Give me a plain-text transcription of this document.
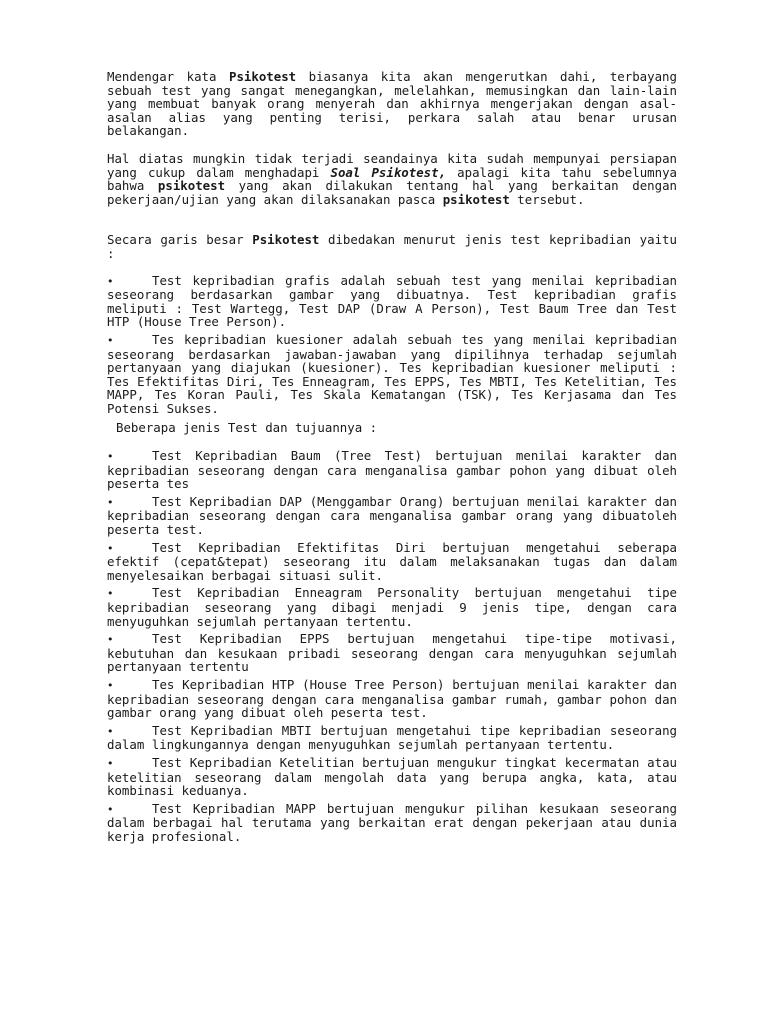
Mendengar kata Psikotest biasanya kita akan mengerutkan dahi, terbayang sebuah test yang sangat menegangkan, melelahkan, memusingkan dan lain-lain yang membuat banyak orang menyerah dan akhirnya mengerjakan dengan asal-asalan alias yang penting terisi, perkara salah atau benar urusan belakangan.

Hal diatas mungkin tidak terjadi seandainya kita sudah mempunyai persiapan yang cukup dalam menghadapi Soal Psikotest, apalagi kita tahu sebelumnya bahwa psikotest yang akan dilakukan tentang hal yang berkaitan dengan pekerjaan/ujian yang akan dilaksanakan pasca psikotest tersebut.

Secara garis besar Psikotest dibedakan menurut jenis test kepribadian yaitu :

•	Test kepribadian grafis adalah sebuah test yang menilai kepribadian seseorang berdasarkan gambar yang dibuatnya. Test kepribadian grafis meliputi : Test Wartegg, Test DAP (Draw A Person), Test Baum Tree dan Test HTP (House Tree Person).
•	Tes kepribadian kuesioner adalah sebuah tes yang menilai kepribadian seseorang berdasarkan jawaban-jawaban yang dipilihnya terhadap sejumlah pertanyaan yang diajukan (kuesioner). Tes kepribadian kuesioner meliputi : Tes Efektifitas Diri, Tes Enneagram, Tes EPPS, Tes MBTI, Tes Ketelitian, Tes MAPP, Tes Koran Pauli, Tes Skala Kematangan (TSK), Tes Kerjasama dan Tes Potensi Sukses.

Beberapa jenis Test dan tujuannya :

•	Test Kepribadian Baum (Tree Test) bertujuan menilai karakter dan kepribadian seseorang dengan cara menganalisa gambar pohon yang dibuat oleh peserta tes
•	Test Kepribadian DAP (Menggambar Orang) bertujuan menilai karakter dan kepribadian seseorang dengan cara menganalisa gambar orang yang dibuatoleh peserta test.
•	Test Kepribadian Efektifitas Diri bertujuan mengetahui seberapa efektif (cepat&tepat) seseorang itu dalam melaksanakan tugas dan dalam menyelesaikan berbagai situasi sulit.
•	Test Kepribadian Enneagram Personality bertujuan mengetahui tipe kepribadian seseorang yang dibagi menjadi 9 jenis tipe, dengan cara menyuguhkan sejumlah pertanyaan tertentu.
•	Test Kepribadian EPPS bertujuan mengetahui tipe-tipe motivasi, kebutuhan dan kesukaan pribadi seseorang dengan cara menyuguhkan sejumlah pertanyaan tertentu
•	Tes Kepribadian HTP (House Tree Person) bertujuan menilai karakter dan kepribadian seseorang dengan cara menganalisa gambar rumah, gambar pohon dan gambar orang yang dibuat oleh peserta test.
•	Test Kepribadian MBTI bertujuan mengetahui tipe kepribadian seseorang dalam lingkungannya dengan menyuguhkan sejumlah pertanyaan tertentu.
•	Test Kepribadian Ketelitian bertujuan mengukur tingkat kecermatan atau ketelitian seseorang dalam mengolah data yang berupa angka, kata, atau kombinasi keduanya.
•	Test Kepribadian MAPP bertujuan mengukur pilihan kesukaan seseorang dalam berbagai hal terutama yang berkaitan erat dengan pekerjaan atau dunia kerja profesional.
